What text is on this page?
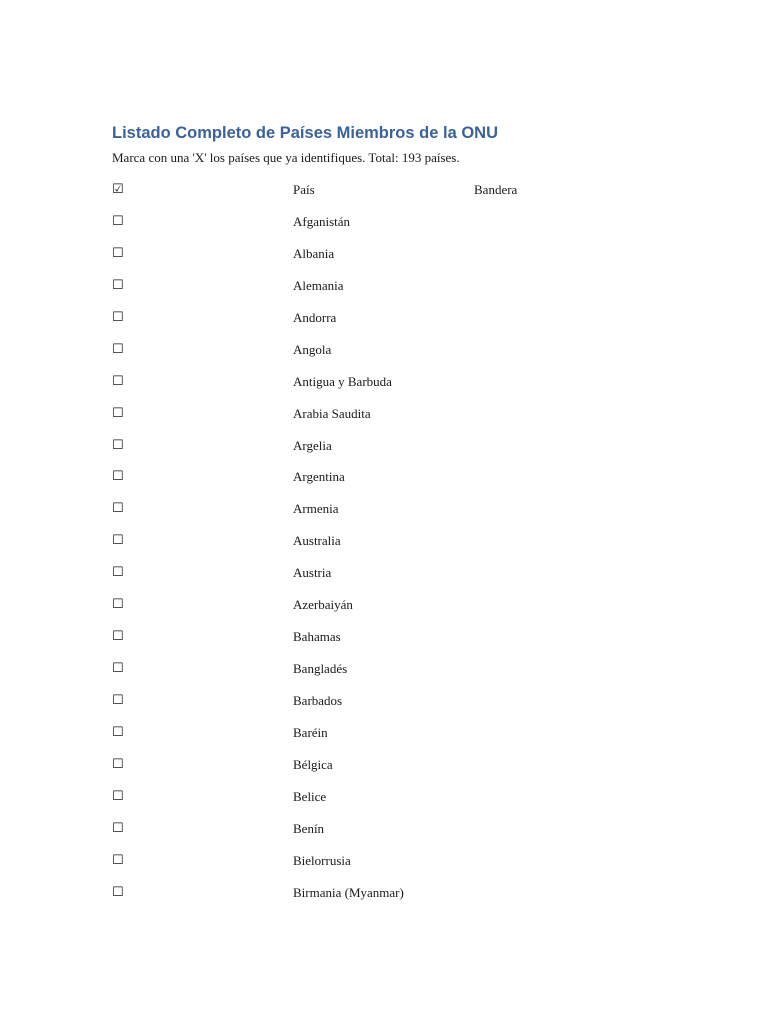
Listado Completo de Países Miembros de la ONU
Marca con una 'X' los países que ya identifiques. Total: 193 países.
☑	País	Bandera
☐	Afganistán
☐	Albania
☐	Alemania
☐	Andorra
☐	Angola
☐	Antigua y Barbuda
☐	Arabia Saudita
☐	Argelia
☐	Argentina
☐	Armenia
☐	Australia
☐	Austria
☐	Azerbaiyán
☐	Bahamas
☐	Bangladés
☐	Barbados
☐	Baréin
☐	Bélgica
☐	Belice
☐	Benín
☐	Bielorrusia
☐	Birmania (Myanmar)
